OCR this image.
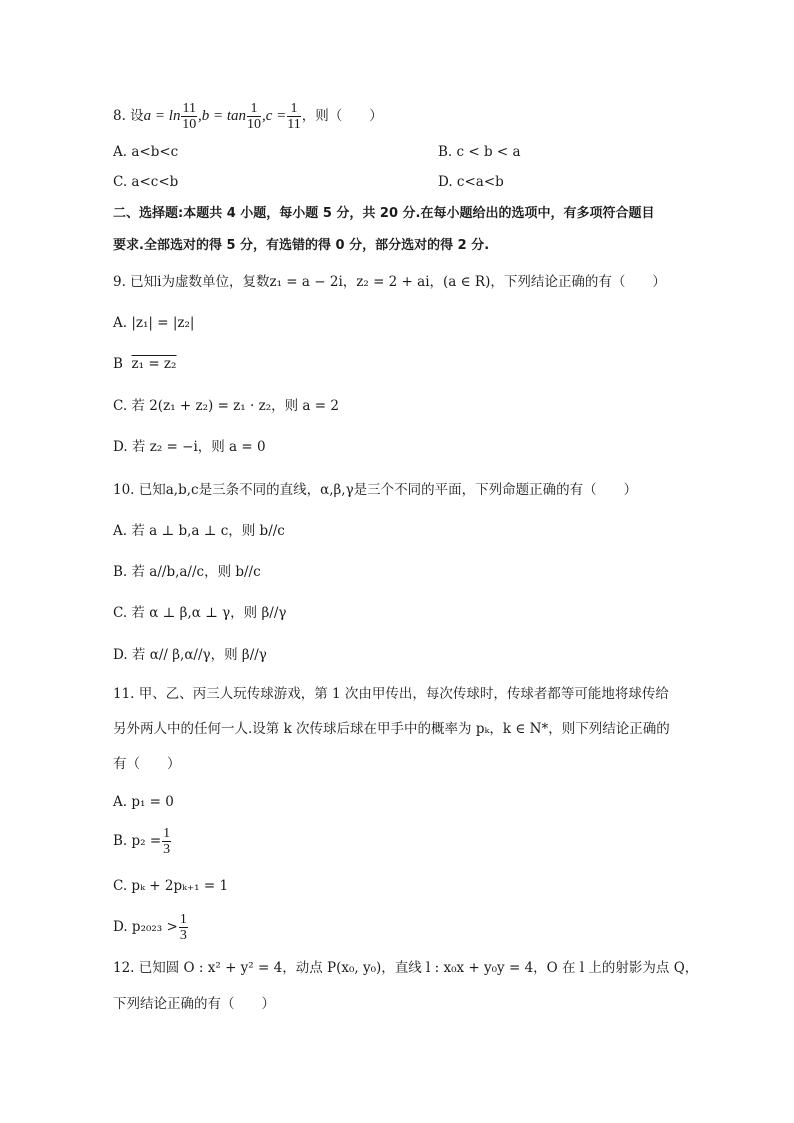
8. 设$a = \ln \frac{11}{10} ,b = \tan \frac{1}{10} ,c = \frac{1}{11}$ ，则（　　）
A. a<b<c	B. c < b < a
C. a<c<b	D. c<a<b
二、选择题:本题共 4 小题，每小题 5 分，共 20 分.在每小题给出的选项中，有多项符合题目
要求.全部选对的得 5 分，有选错的得 0 分，部分选对的得 2 分.
9. 已知i为虚数单位，复数z₁ = a − 2i，z₂ = 2 + ai，(a ∈ R)，下列结论正确的有（　　）
A. |z₁| = |z₂|
B z₁ = z₂
C. 若 2(z₁ + z₂) = z₁ · z₂，则 a = 2
D. 若 z₂ = −i，则 a = 0
10. 已知a,b,c是三条不同的直线，α,β,γ是三个不同的平面，下列命题正确的有（　　）
A. 若 a ⊥ b,a ⊥ c，则 b//c
B. 若 a//b,a//c，则 b//c
C. 若 α ⊥ β,α ⊥ γ，则 β//γ
D. 若 α// β,α//γ，则 β//γ
11. 甲、乙、丙三人玩传球游戏，第 1 次由甲传出，每次传球时，传球者都等可能地将球传给
另外两人中的任何一人.设第 k 次传球后球在甲手中的概率为 pₖ，k ∈ N*，则下列结论正确的
有（　　）
A. p₁ = 0
B. $p_2 = \frac{1}{3}$
C. pₖ + 2pₖ₊₁ = 1
D. $p_{2023} > \frac{1}{3}$
12. 已知圆 O : x² + y² = 4，动点 P(x₀, y₀)，直线 l : x₀x + y₀y = 4，O 在 l 上的射影为点 Q，
下列结论正确的有（　　）
